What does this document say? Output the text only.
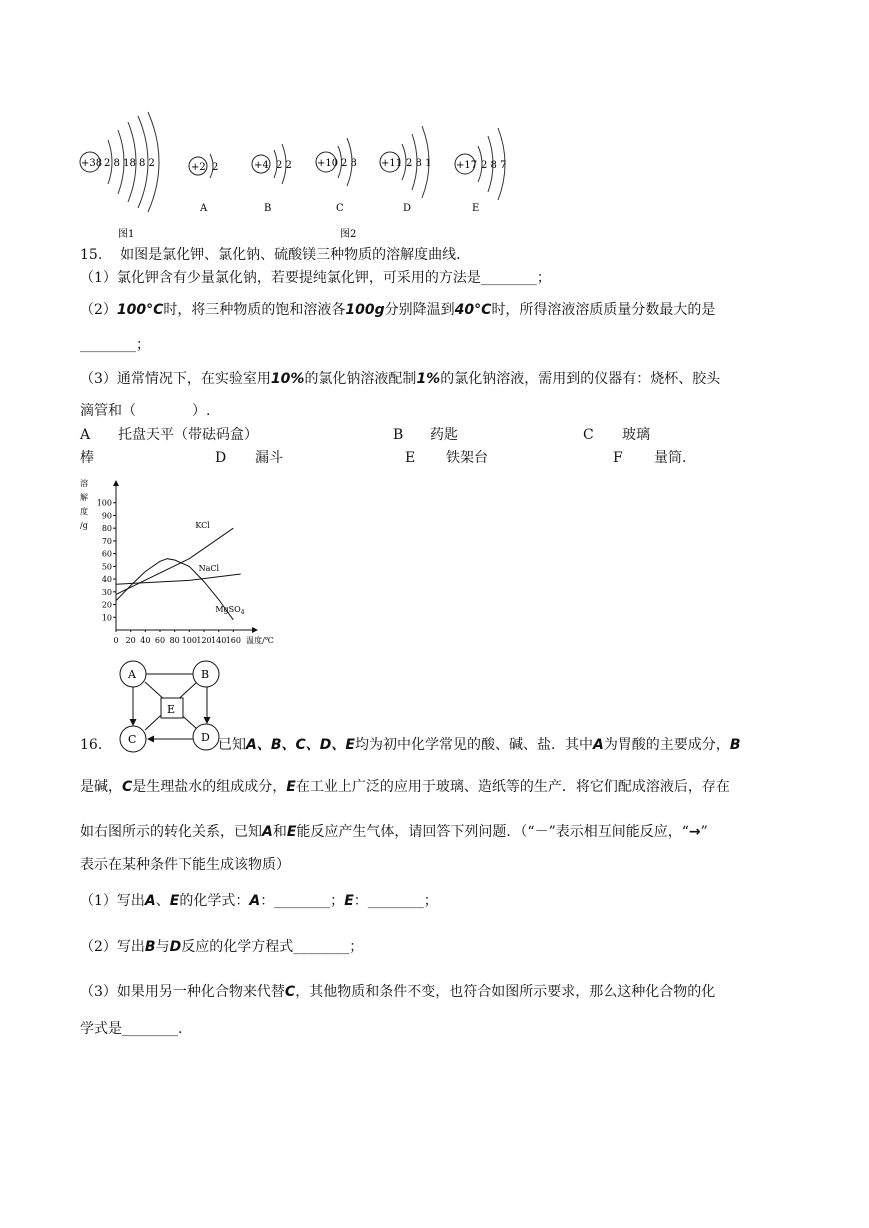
+38 2 8 18 8 2
图1
+2 2
A
+4 2 2
B
+10 2 8
C
+11 2 8 1
D
+17 2 8 7
E
图2
15. 如图是氯化钾、氯化钠、硫酸镁三种物质的溶解度曲线．
（1）氯化钾含有少量氯化钠，若要提纯氯化钾，可采用的方法是________；
（2）100°C时，将三种物质的饱和溶液各100g分别降温到40°C时，所得溶液溶质质量分数最大的是
________；
（3）通常情况下，在实验室用10%的氯化钠溶液配制1%的氯化钠溶液，需用到的仪器有：烧杯、胶头
滴管和（　　　　）.
A 托盘天平（带砝码盒）	B 药匙	C 玻璃
棒	D 漏斗	E 铁架台	F 量筒.
溶
解
度
/g
10
20
30
40
50
60
70
80
90
100
0 20 40 60 80 100 120 140 160 温度/℃
KCl
NaCl
MgSO$_4$
E
A	B
C	D
16.	已知A、B、C、D、E均为初中化学常见的酸、碱、盐．其中A为胃酸的主要成分，B
是碱，C是生理盐水的组成成分，E在工业上广泛的应用于玻璃、造纸等的生产．将它们配成溶液后，存在
如右图所示的转化关系，已知A和E能反应产生气体，请回答下列问题．（“－”表示相互间能反应，“→”
表示在某种条件下能生成该物质）
（1）写出A、E的化学式：A：________；E：________；
（2）写出B与D反应的化学方程式________；
（3）如果用另一种化合物来代替C，其他物质和条件不变，也符合如图所示要求，那么这种化合物的化
学式是________.
